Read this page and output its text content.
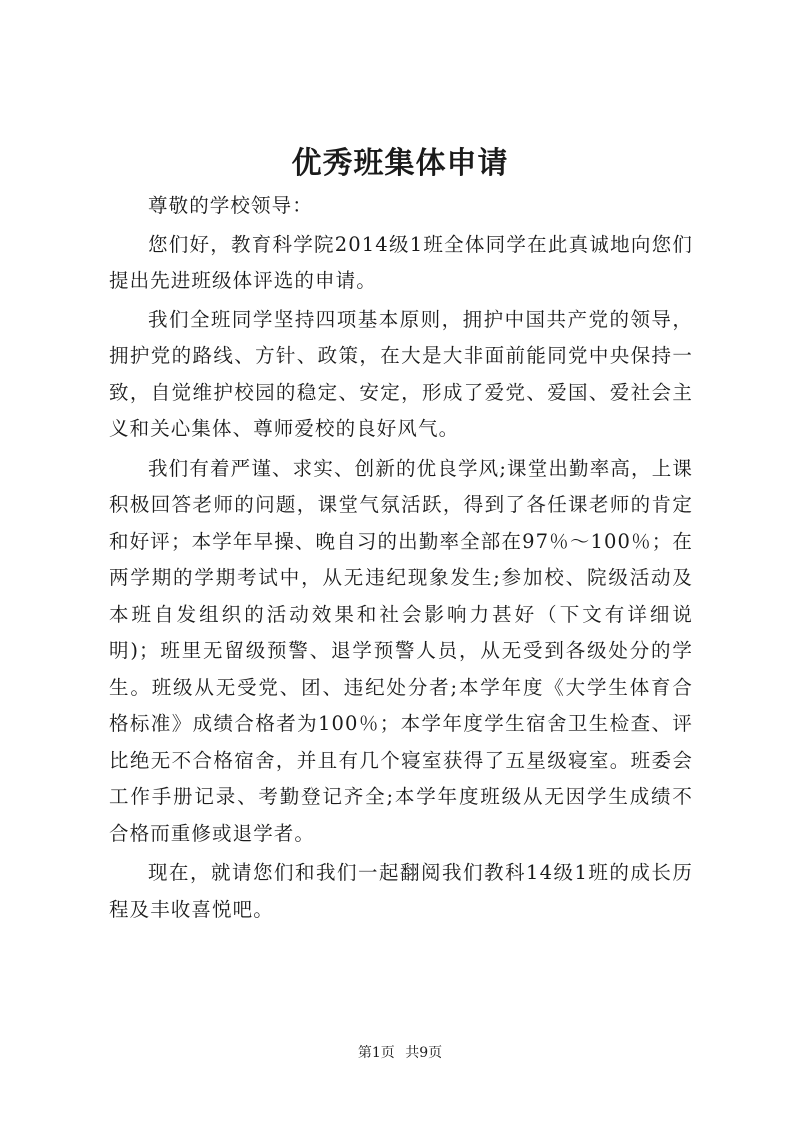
优秀班集体申请

尊敬的学校领导：

您们好，教育科学院2014级1班全体同学在此真诚地向您们提出先进班级体评选的申请。

我们全班同学坚持四项基本原则，拥护中国共产党的领导，拥护党的路线、方针、政策，在大是大非面前能同党中央保持一致，自觉维护校园的稳定、安定，形成了爱党、爱国、爱社会主义和关心集体、尊师爱校的良好风气。

我们有着严谨、求实、创新的优良学风;课堂出勤率高，上课积极回答老师的问题，课堂气氛活跃，得到了各任课老师的肯定和好评；本学年早操、晚自习的出勤率全部在97％～100％；在两学期的学期考试中，从无违纪现象发生;参加校、院级活动及本班自发组织的活动效果和社会影响力甚好（下文有详细说明)；班里无留级预警、退学预警人员，从无受到各级处分的学生。班级从无受党、团、违纪处分者;本学年度《大学生体育合格标准》成绩合格者为100％；本学年度学生宿舍卫生检查、评比绝无不合格宿舍，并且有几个寝室获得了五星级寝室。班委会工作手册记录、考勤登记齐全;本学年度班级从无因学生成绩不合格而重修或退学者。

现在，就请您们和我们一起翻阅我们教科14级1班的成长历程及丰收喜悦吧。

第1页 共9页
